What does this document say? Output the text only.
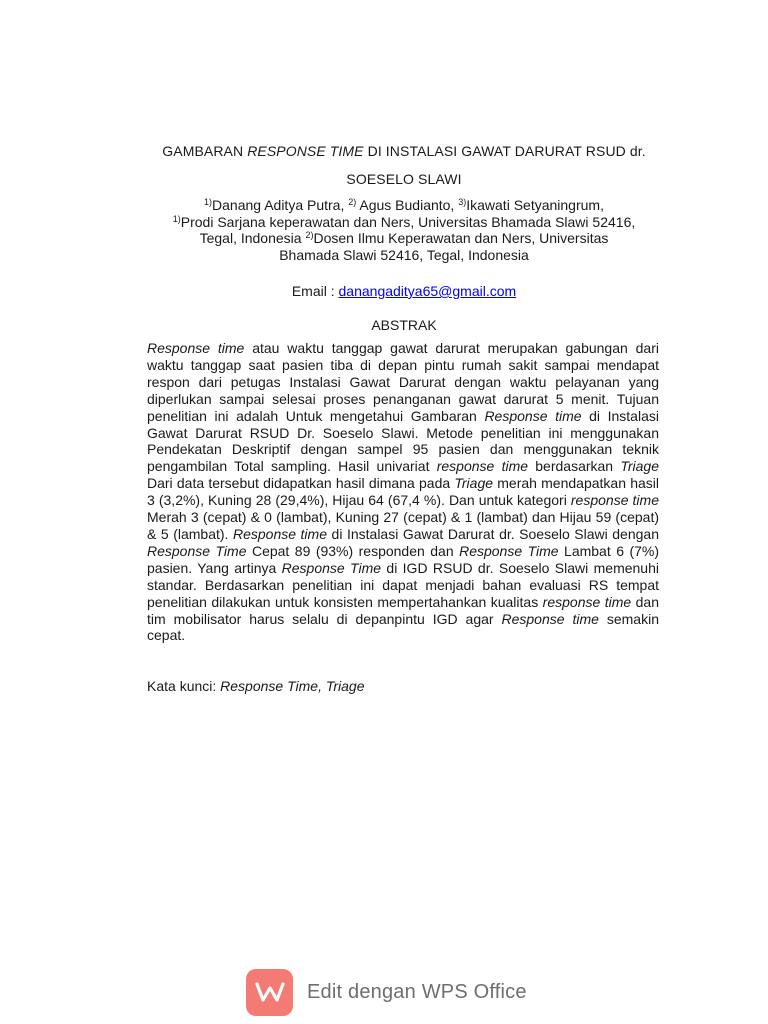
GAMBARAN RESPONSE TIME DI INSTALASI GAWAT DARURAT RSUD dr.
SOESELO SLAWI
$^{1)}$Danang Aditya Putra, $^{2)}$ Agus Budianto, $^{3)}$Ikawati Setyaningrum,
$^{1)}$Prodi Sarjana keperawatan dan Ners, Universitas Bhamada Slawi 52416,
Tegal, Indonesia $^{2)}$Dosen Ilmu Keperawatan dan Ners, Universitas
Bhamada Slawi 52416, Tegal, Indonesia
Email : danangaditya65@gmail.com
ABSTRAK
Response time atau waktu tanggap gawat darurat merupakan gabungan dari waktu tanggap saat pasien tiba di depan pintu rumah sakit sampai mendapat respon dari petugas Instalasi Gawat Darurat dengan waktu pelayanan yang diperlukan sampai selesai proses penanganan gawat darurat 5 menit. Tujuan penelitian ini adalah Untuk mengetahui Gambaran Response time di Instalasi Gawat Darurat RSUD Dr. Soeselo Slawi. Metode penelitian ini menggunakan Pendekatan Deskriptif dengan sampel 95 pasien dan menggunakan teknik pengambilan Total sampling. Hasil univariat response time berdasarkan Triage Dari data tersebut didapatkan hasil dimana pada Triage merah mendapatkan hasil 3 (3,2%), Kuning 28 (29,4%), Hijau 64 (67,4 %). Dan untuk kategori response time Merah 3 (cepat) & 0 (lambat), Kuning 27 (cepat) & 1 (lambat) dan Hijau 59 (cepat) & 5 (lambat). Response time di Instalasi Gawat Darurat dr. Soeselo Slawi dengan Response Time Cepat 89 (93%) responden dan Response Time Lambat 6 (7%) pasien. Yang artinya Response Time di IGD RSUD dr. Soeselo Slawi memenuhi standar. Berdasarkan penelitian ini dapat menjadi bahan evaluasi RS tempat penelitian dilakukan untuk konsisten mempertahankan kualitas response time dan tim mobilisator harus selalu di depanpintu IGD agar Response time semakin cepat.
Kata kunci: Response Time, Triage
Edit dengan WPS Office
